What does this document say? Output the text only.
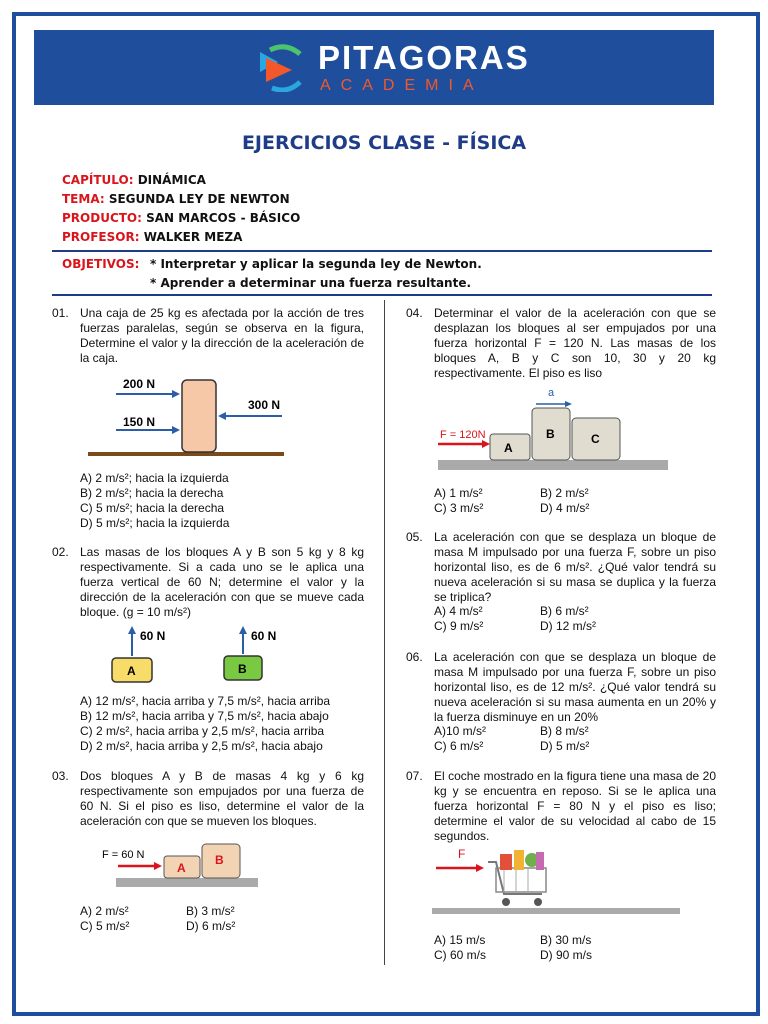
PITAGORAS
ACADEMIA
EJERCICIOS CLASE - FÍSICA
CAPÍTULO: DINÁMICA
TEMA: SEGUNDA LEY DE NEWTON
PRODUCTO: SAN MARCOS - BÁSICO
PROFESOR: WALKER MEZA
OBJETIVOS: * Interpretar y aplicar la segunda ley de Newton.
* Aprender a determinar una fuerza resultante.
01. Una caja de 25 kg es afectada por la acción de tres fuerzas paralelas, según se observa en la figura, Determine el valor y la dirección de la aceleración de la caja.
200 N
150 N
300 N
A) 2 m/s²; hacia la izquierda
B) 2 m/s²; hacia la derecha
C) 5 m/s²; hacia la derecha
D) 5 m/s²; hacia la izquierda
02. Las masas de los bloques A y B son 5 kg y 8 kg respectivamente. Si a cada uno se le aplica una fuerza vertical de 60 N; determine el valor y la dirección de la aceleración con que se mueve cada bloque. (g = 10 m/s²)
60 N	60 N
A	B
A) 12 m/s², hacia arriba y 7,5 m/s², hacia arriba
B) 12 m/s², hacia arriba y 7,5 m/s², hacia abajo
C) 2 m/s², hacia arriba y 2,5 m/s², hacia arriba
D) 2 m/s², hacia arriba y 2,5 m/s², hacia abajo
03. Dos bloques A y B de masas 4 kg y 6 kg respectivamente son empujados por una fuerza de 60 N. Si el piso es liso, determine el valor de la aceleración con que se mueven los bloques.
F = 60 N
A
B
A) 2 m/s²	B) 3 m/s²
C) 5 m/s²	D) 6 m/s²
04. Determinar el valor de la aceleración con que se desplazan los bloques al ser empujados por una fuerza horizontal F = 120 N. Las masas de los bloques A, B y C son 10, 30 y 20 kg respectivamente. El piso es liso
F = 120N
a
A
B	C
A) 1 m/s²	B) 2 m/s²
C) 3 m/s²	D) 4 m/s²
05. La aceleración con que se desplaza un bloque de masa M impulsado por una fuerza F, sobre un piso horizontal liso, es de 6 m/s². ¿Qué valor tendrá su nueva aceleración si su masa se duplica y la fuerza se triplica?
A) 4 m/s²	B) 6 m/s²
C) 9 m/s²	D) 12 m/s²
06. La aceleración con que se desplaza un bloque de masa M impulsado por una fuerza F, sobre un piso horizontal liso, es de 12 m/s². ¿Qué valor tendrá su nueva aceleración si su masa aumenta en un 20% y la fuerza disminuye en un 20%
A)10 m/s²	B) 8 m/s²
C) 6 m/s²	D) 5 m/s²
07. El coche mostrado en la figura tiene una masa de 20 kg y se encuentra en reposo. Si se le aplica una fuerza horizontal F = 80 N y el piso es liso; determine el valor de su velocidad al cabo de 15 segundos.
F
A) 15 m/s	B) 30 m/s
C) 60 m/s	D) 90 m/s
